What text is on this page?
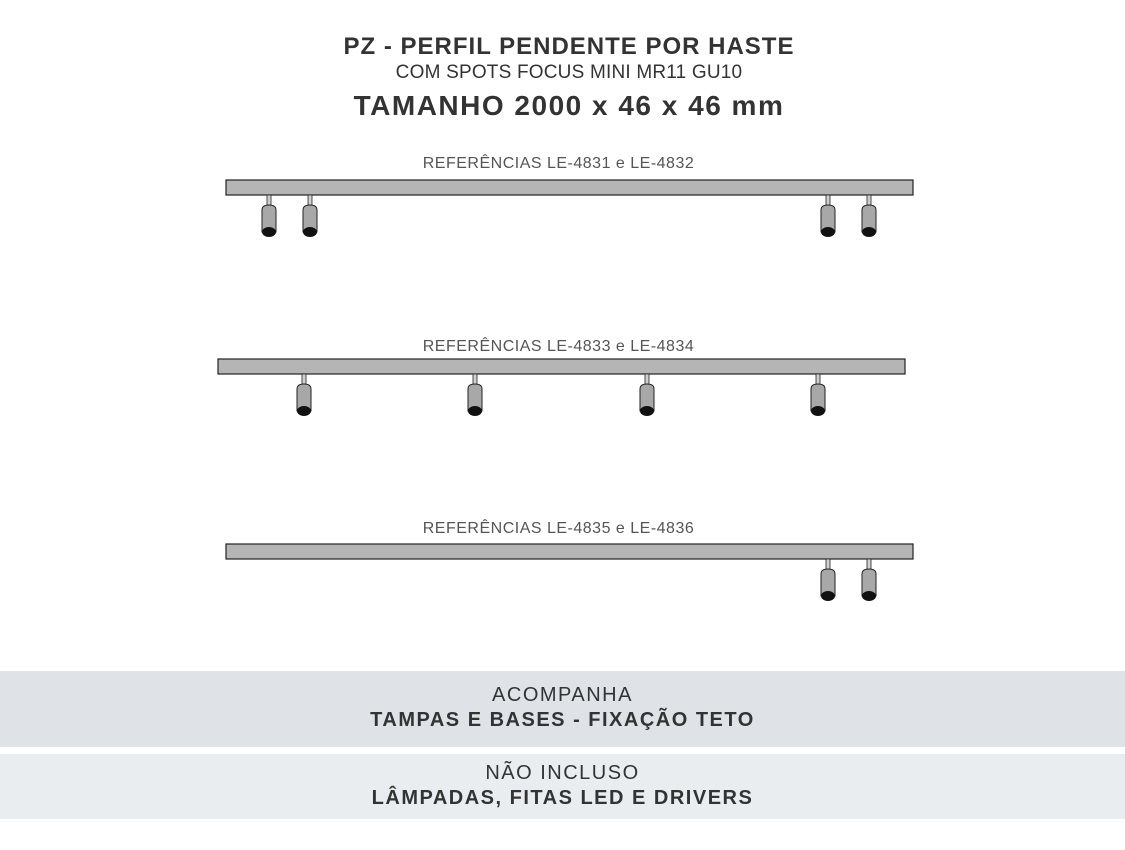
PZ - PERFIL PENDENTE POR HASTE
COM SPOTS FOCUS MINI MR11 GU10
TAMANHO 2000 x 46 x 46 mm
REFERÊNCIAS LE-4831 e LE-4832
REFERÊNCIAS LE-4833 e LE-4834
REFERÊNCIAS LE-4835 e LE-4836
ACOMPANHA
TAMPAS E BASES - FIXAÇÃO TETO
NÃO INCLUSO
LÂMPADAS, FITAS LED E DRIVERS
